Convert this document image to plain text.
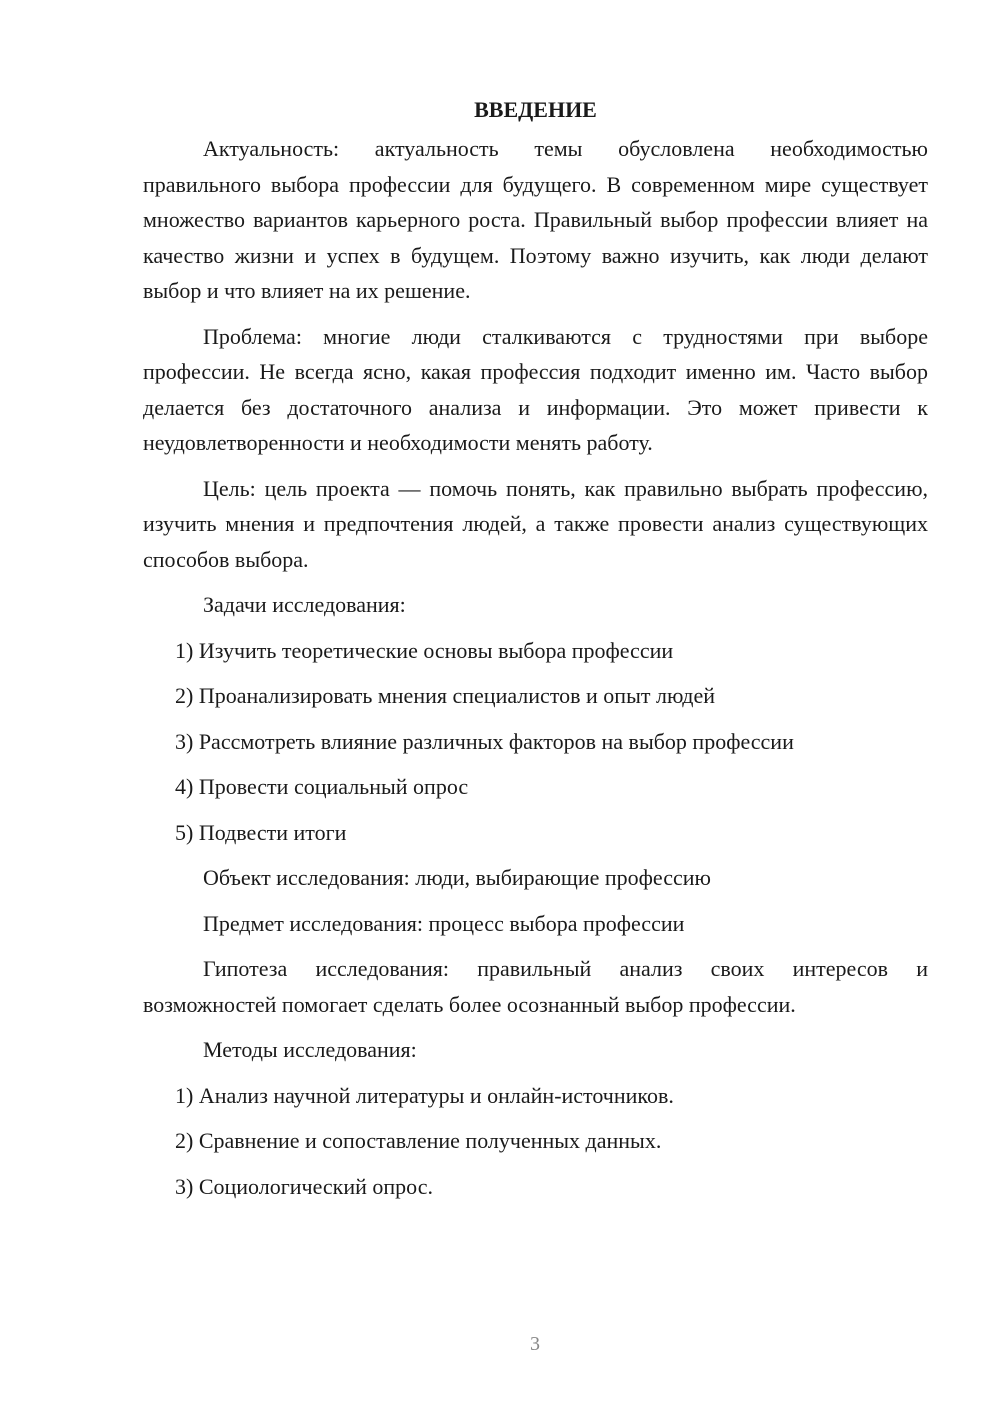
ВВЕДЕНИЕ

Актуальность: актуальность темы обусловлена необходимостью правильного выбора профессии для будущего. В современном мире существует множество вариантов карьерного роста. Правильный выбор профессии влияет на качество жизни и успех в будущем. Поэтому важно изучить, как люди делают выбор и что влияет на их решение.

Проблема: многие люди сталкиваются с трудностями при выборе профессии. Не всегда ясно, какая профессия подходит именно им. Часто выбор делается без достаточного анализа и информации. Это может привести к неудовлетворенности и необходимости менять работу.

Цель: цель проекта — помочь понять, как правильно выбрать профессию, изучить мнения и предпочтения людей, а также провести анализ существующих способов выбора.

Задачи исследования:
1) Изучить теоретические основы выбора профессии
2) Проанализировать мнения специалистов и опыт людей
3) Рассмотреть влияние различных факторов на выбор профессии
4) Провести социальный опрос
5) Подвести итоги
Объект исследования: люди, выбирающие профессию
Предмет исследования: процесс выбора профессии

Гипотеза исследования: правильный анализ своих интересов и возможностей помогает сделать более осознанный выбор профессии.

Методы исследования:
1) Анализ научной литературы и онлайн-источников.
2) Сравнение и сопоставление полученных данных.
3) Социологический опрос.
3
